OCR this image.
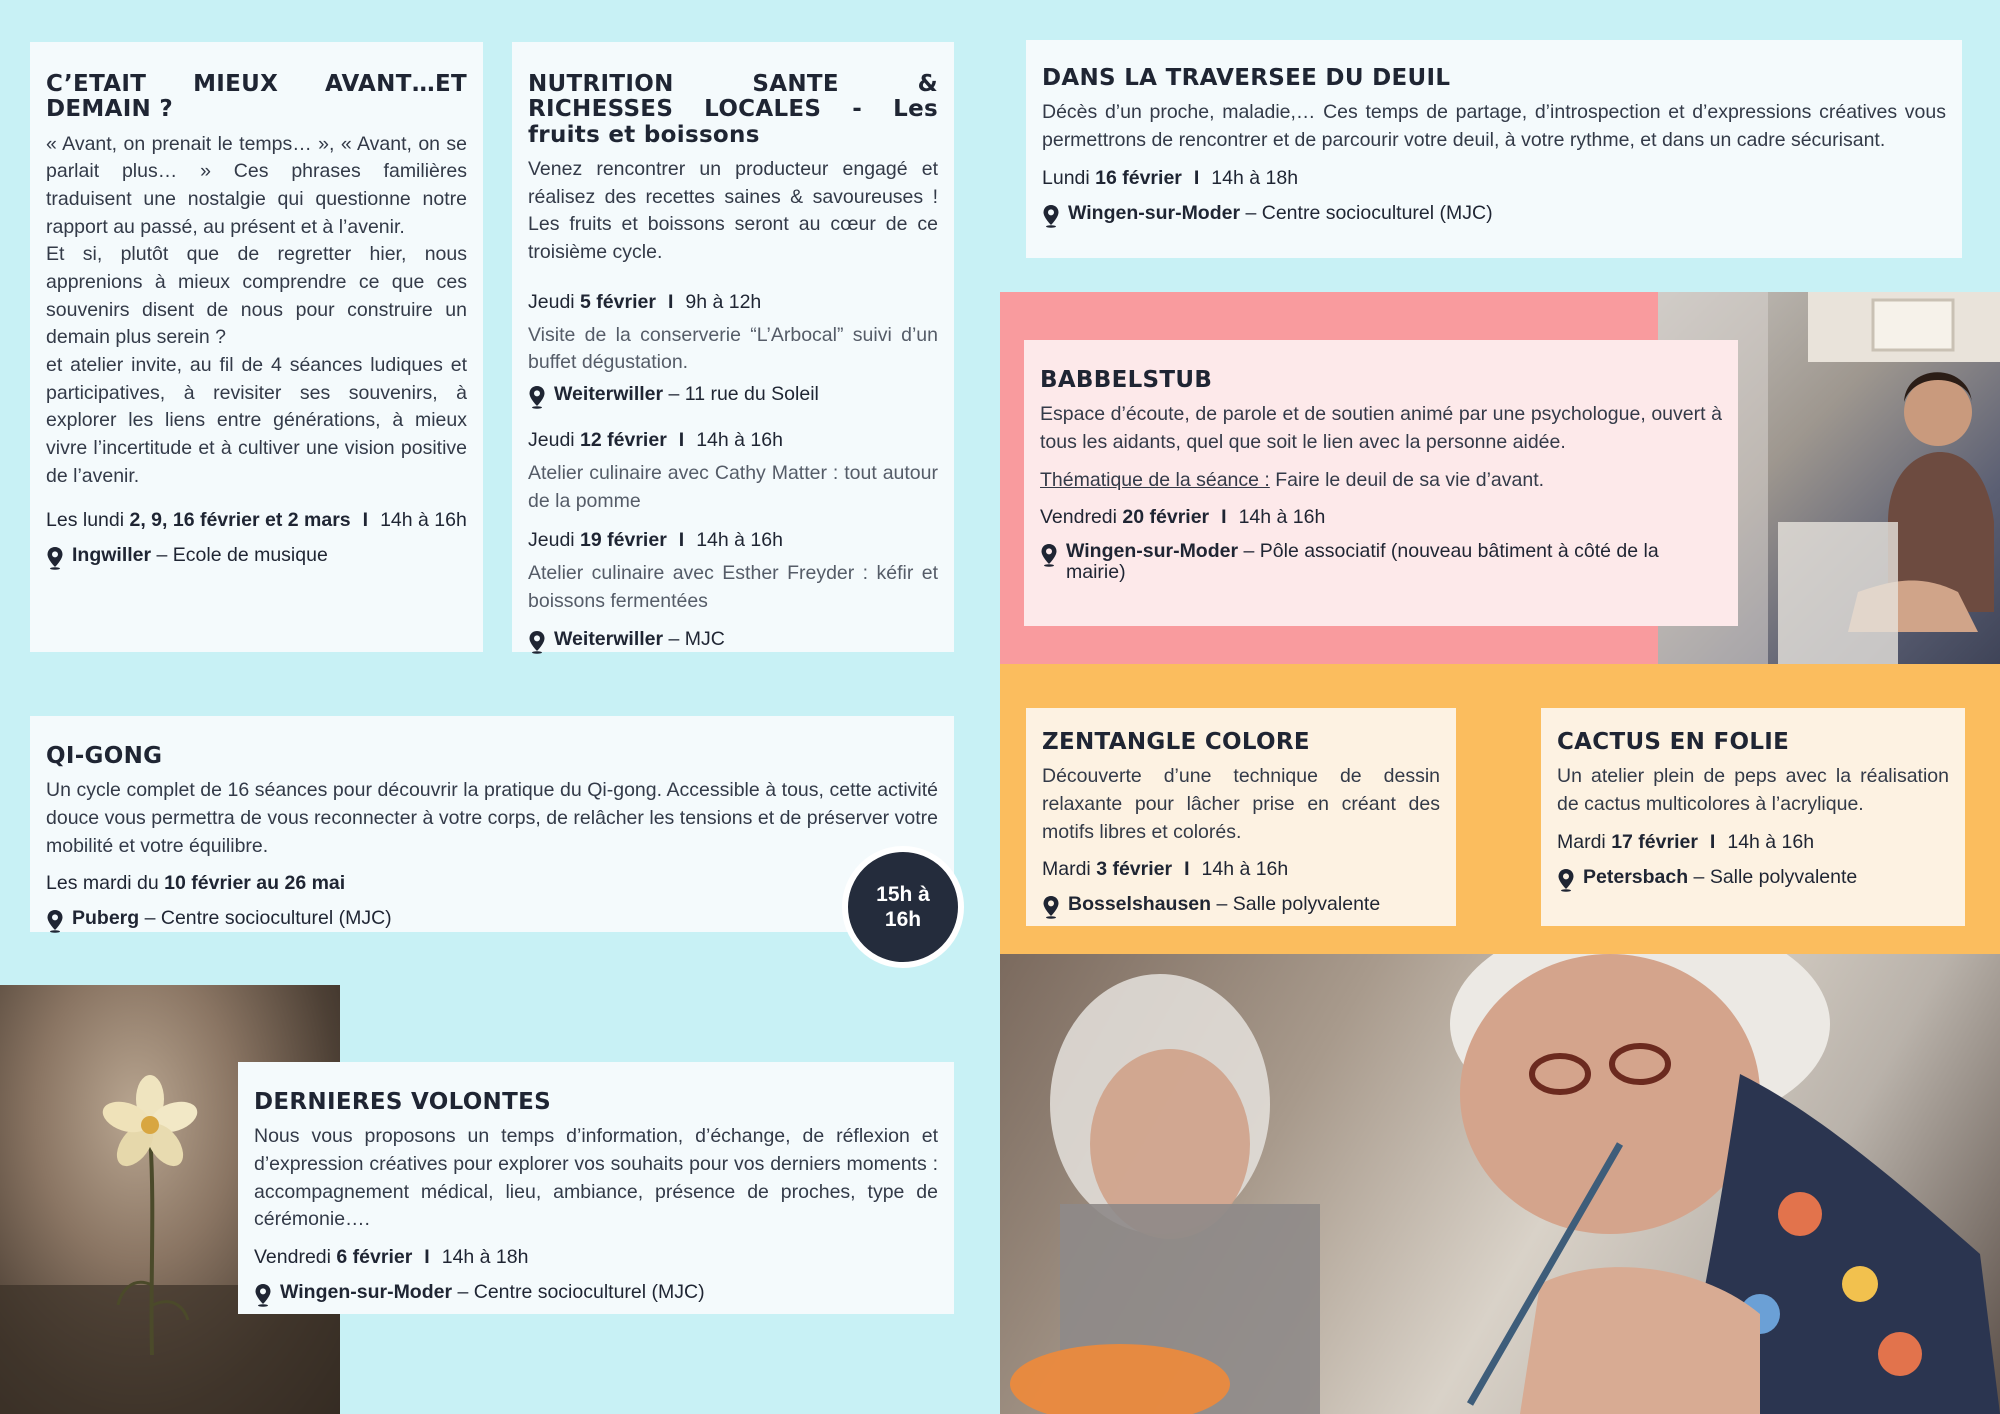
C’ETAIT MIEUX AVANT…ET DEMAIN ?

« Avant, on prenait le temps… », « Avant, on se parlait plus… » Ces phrases familières traduisent une nostalgie qui questionne notre rapport au passé, au présent et à l’avenir.
Et si, plutôt que de regretter hier, nous apprenions à mieux comprendre ce que ces souvenirs disent de nous pour construire un demain plus serein ?
et atelier invite, au fil de 4 séances ludiques et participatives, à revisiter ses souvenirs, à explorer les liens entre générations, à mieux vivre l’incertitude et à cultiver une vision positive de l’avenir.

Les lundi 2, 9, 16 février et 2 mars I 14h à 16h
Ingwiller – Ecole de musique
NUTRITION SANTE & RICHESSES LOCALES - Les fruits et boissons

Venez rencontrer un producteur engagé et réalisez des recettes saines & savoureuses ! Les fruits et boissons seront au cœur de ce troisième cycle.

Jeudi 5 février I 9h à 12h

Visite de la conserverie “L’Arbocal” suivi d’un buffet dégustation.

Weiterwiller – 11 rue du Soleil
Jeudi 12 février I 14h à 16h

Atelier culinaire avec Cathy Matter : tout autour de la pomme

Jeudi 19 février I 14h à 16h

Atelier culinaire avec Esther Freyder : kéfir et boissons fermentées

Weiterwiller – MJC
QI-GONG

Un cycle complet de 16 séances pour découvrir la pratique du Qi-gong. Accessible à tous, cette activité douce vous permettra de vous reconnecter à votre corps, de relâcher les tensions et de préserver votre mobilité et votre équilibre.

Les mardi du 10 février au 26 mai
Puberg – Centre socioculturel (MJC)
15h à
16h
DERNIERES VOLONTES

Nous vous proposons un temps d’information, d’échange, de réflexion et d’expression créatives pour explorer vos souhaits pour vos derniers moments : accompagnement médical, lieu, ambiance, présence de proches, type de cérémonie….

Vendredi 6 février I 14h à 18h
Wingen-sur-Moder – Centre socioculturel (MJC)
DANS LA TRAVERSEE DU DEUIL

Décès d’un proche, maladie,… Ces temps de partage, d’introspection et d’expressions créatives vous permettrons de rencontrer et de parcourir votre deuil, à votre rythme, et dans un cadre sécurisant.

Lundi 16 février I 14h à 18h
Wingen-sur-Moder – Centre socioculturel (MJC)
BABBELSTUB

Espace d’écoute, de parole et de soutien animé par une psychologue, ouvert à tous les aidants, quel que soit le lien avec la personne aidée.

Thématique de la séance : Faire le deuil de sa vie d’avant.

Vendredi 20 février I 14h à 16h
Wingen-sur-Moder – Pôle associatif (nouveau bâtiment à côté de la mairie)
ZENTANGLE COLORE

Découverte d’une technique de dessin relaxante pour lâcher prise en créant des motifs libres et colorés.

Mardi 3 février I 14h à 16h
Bosselshausen – Salle polyvalente
CACTUS EN FOLIE

Un atelier plein de peps avec la réalisation de cactus multicolores à l’acrylique.

Mardi 17 février I 14h à 16h
Petersbach – Salle polyvalente
